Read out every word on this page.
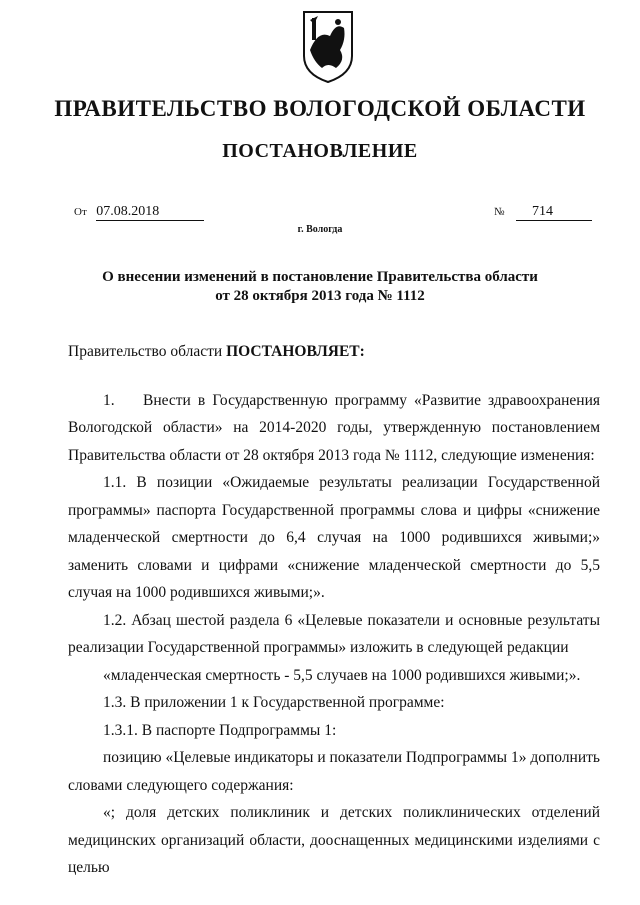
ПРАВИТЕЛЬСТВО ВОЛОГОДСКОЙ ОБЛАСТИ
ПОСТАНОВЛЕНИЕ
От 07.08.2018	№ 714
г. Вологда
О внесении изменений в постановление Правительства области
от 28 октября 2013 года № 1112

Правительство области ПОСТАНОВЛЯЕТ:

1. Внести в Государственную программу «Развитие здравоохранения Вологодской области» на 2014-2020 годы, утвержденную постановлением Правительства области от 28 октября 2013 года № 1112, следующие изменения:

1.1. В позиции «Ожидаемые результаты реализации Государственной программы» паспорта Государственной программы слова и цифры «снижение младенческой смертности до 6,4 случая на 1000 родившихся живыми;» заменить словами и цифрами «снижение младенческой смертности до 5,5 случая на 1000 родившихся живыми;».

1.2. Абзац шестой раздела 6 «Целевые показатели и основные результаты реализации Государственной программы» изложить в следующей редакции

«младенческая смертность - 5,5 случаев на 1000 родившихся живыми;».

1.3. В приложении 1 к Государственной программе:

1.3.1. В паспорте Подпрограммы 1:

позицию «Целевые индикаторы и показатели Подпрограммы 1» дополнить словами следующего содержания:

«; доля детских поликлиник и детских поликлинических отделений медицинских организаций области, дооснащенных медицинскими изделиями с целью
